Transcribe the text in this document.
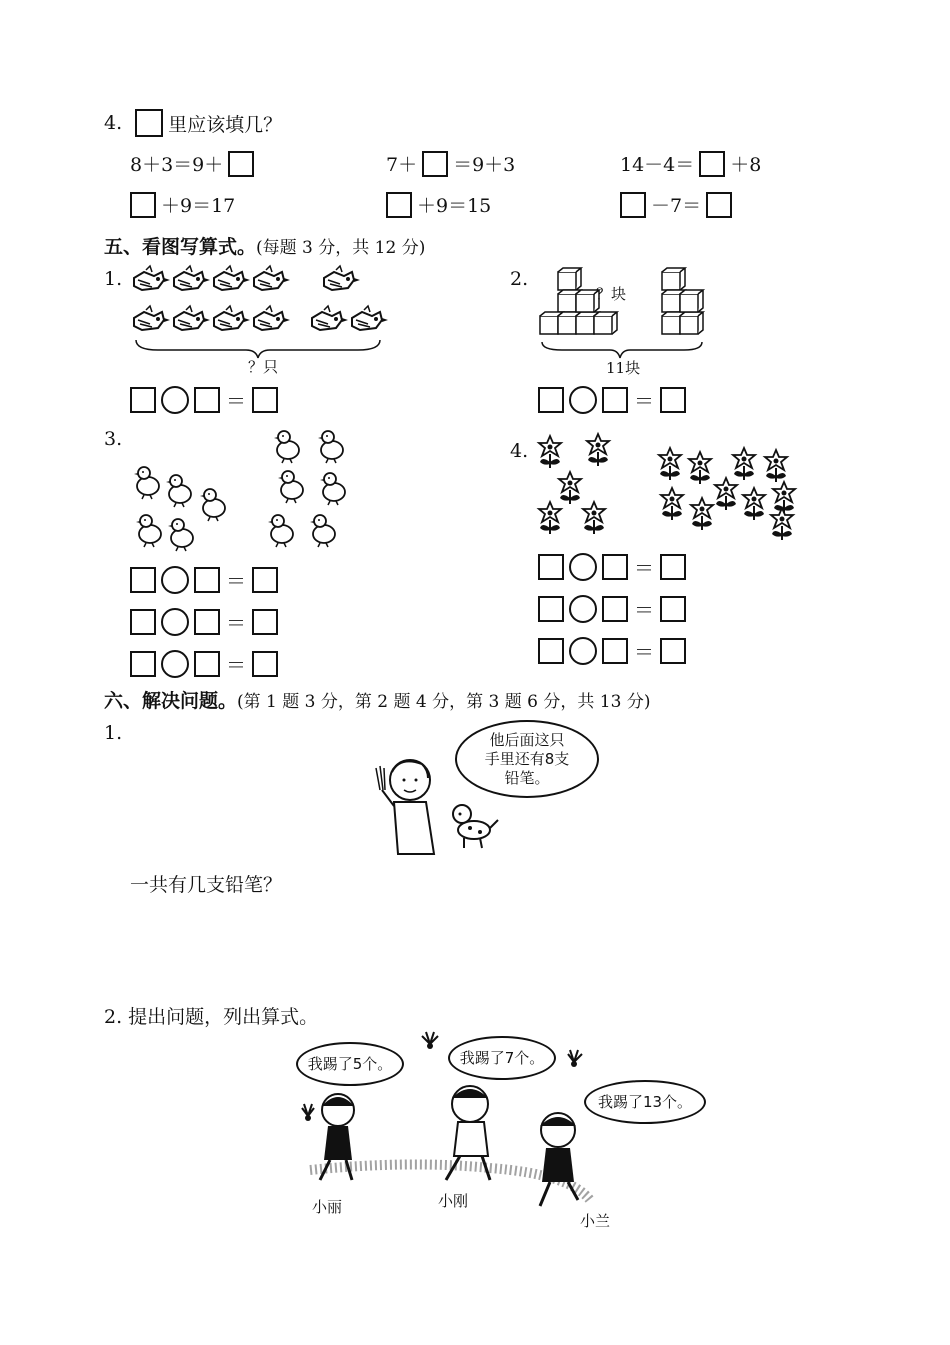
4. 里应该填几？
8＋3＝9＋	7＋ ＝9＋3	14－4＝ ＋8
＋9＝17	＋9＝15	－7＝
五、看图写算式。(每题 3 分，共 12 分)
1.
？只
＝
2.
？块
11块
＝
3.
＝
＝
＝
4.
＝
＝
＝
六、解决问题。(第 1 题 3 分，第 2 题 4 分，第 3 题 6 分，共 13 分)
1.	他后面这只
手里还有8支
铅笔。
一共有几支铅笔？
2. 提出问题，列出算式。
我踢了5个。	我踢了7个。
我踢了13个。
小丽	小刚
小兰
